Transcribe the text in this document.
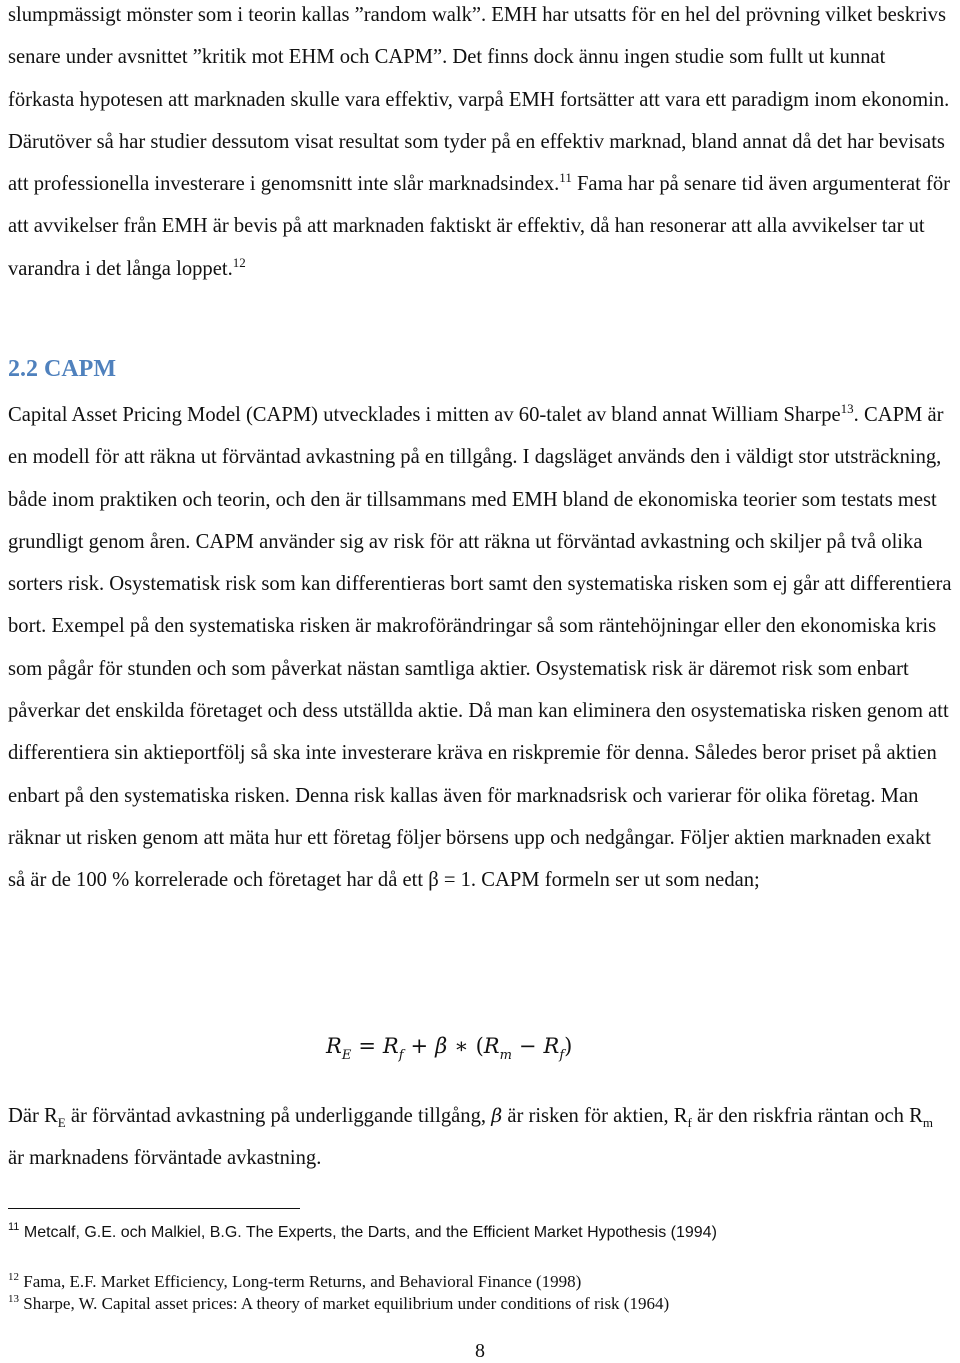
slumpmässigt mönster som i teorin kallas ”random walk”. EMH har utsatts för en hel del prövning vilket beskrivs senare under avsnittet ”kritik mot EHM och CAPM”. Det finns dock ännu ingen studie som fullt ut kunnat förkasta hypotesen att marknaden skulle vara effektiv, varpå EMH fortsätter att vara ett paradigm inom ekonomin. Därutöver så har studier dessutom visat resultat som tyder på en effektiv marknad, bland annat då det har bevisats att professionella investerare i genomsnitt inte slår marknadsindex.$^{11}$ Fama har på senare tid även argumenterat för att avvikelser från EMH är bevis på att marknaden faktiskt är effektiv, då han resonerar att alla avvikelser tar ut varandra i det långa loppet.$^{12}$

2.2 CAPM

Capital Asset Pricing Model (CAPM) utvecklades i mitten av 60-talet av bland annat William Sharpe$^{13}$. CAPM är en modell för att räkna ut förväntad avkastning på en tillgång. I dagsläget används den i väldigt stor utsträckning, både inom praktiken och teorin, och den är tillsammans med EMH bland de ekonomiska teorier som testats mest grundligt genom åren. CAPM använder sig av risk för att räkna ut förväntad avkastning och skiljer på två olika sorters risk. Osystematisk risk som kan differentieras bort samt den systematiska risken som ej går att differentiera bort. Exempel på den systematiska risken är makroförändringar så som räntehöjningar eller den ekonomiska kris som pågår för stunden och som påverkat nästan samtliga aktier. Osystematisk risk är däremot risk som enbart påverkar det enskilda företaget och dess utställda aktie. Då man kan eliminera den osystematiska risken genom att differentiera sin aktieportfölj så ska inte investerare kräva en riskpremie för denna. Således beror priset på aktien enbart på den systematiska risken. Denna risk kallas även för marknadsrisk och varierar för olika företag. Man räknar ut risken genom att mäta hur ett företag följer börsens upp och nedgångar. Följer aktien marknaden exakt så är de 100 % korrelerade och företaget har då ett β = 1. CAPM formeln ser ut som nedan;

$R_E = R_f + \beta$ ∗ $(R_m - R_f)$

Där $R_E$ är förväntad avkastning på underliggande tillgång, β är risken för aktien, $R_f$ är den riskfria räntan och $R_m$ är marknadens förväntade avkastning.

$^{11}$ Metcalf, G.E. och Malkiel, B.G. The Experts, the Darts, and the Efficient Market Hypothesis (1994)

$^{12}$ Fama, E.F. Market Efficiency, Long-term Returns, and Behavioral Finance (1998)

$^{13}$ Sharpe, W. Capital asset prices: A theory of market equilibrium under conditions of risk (1964)

8
